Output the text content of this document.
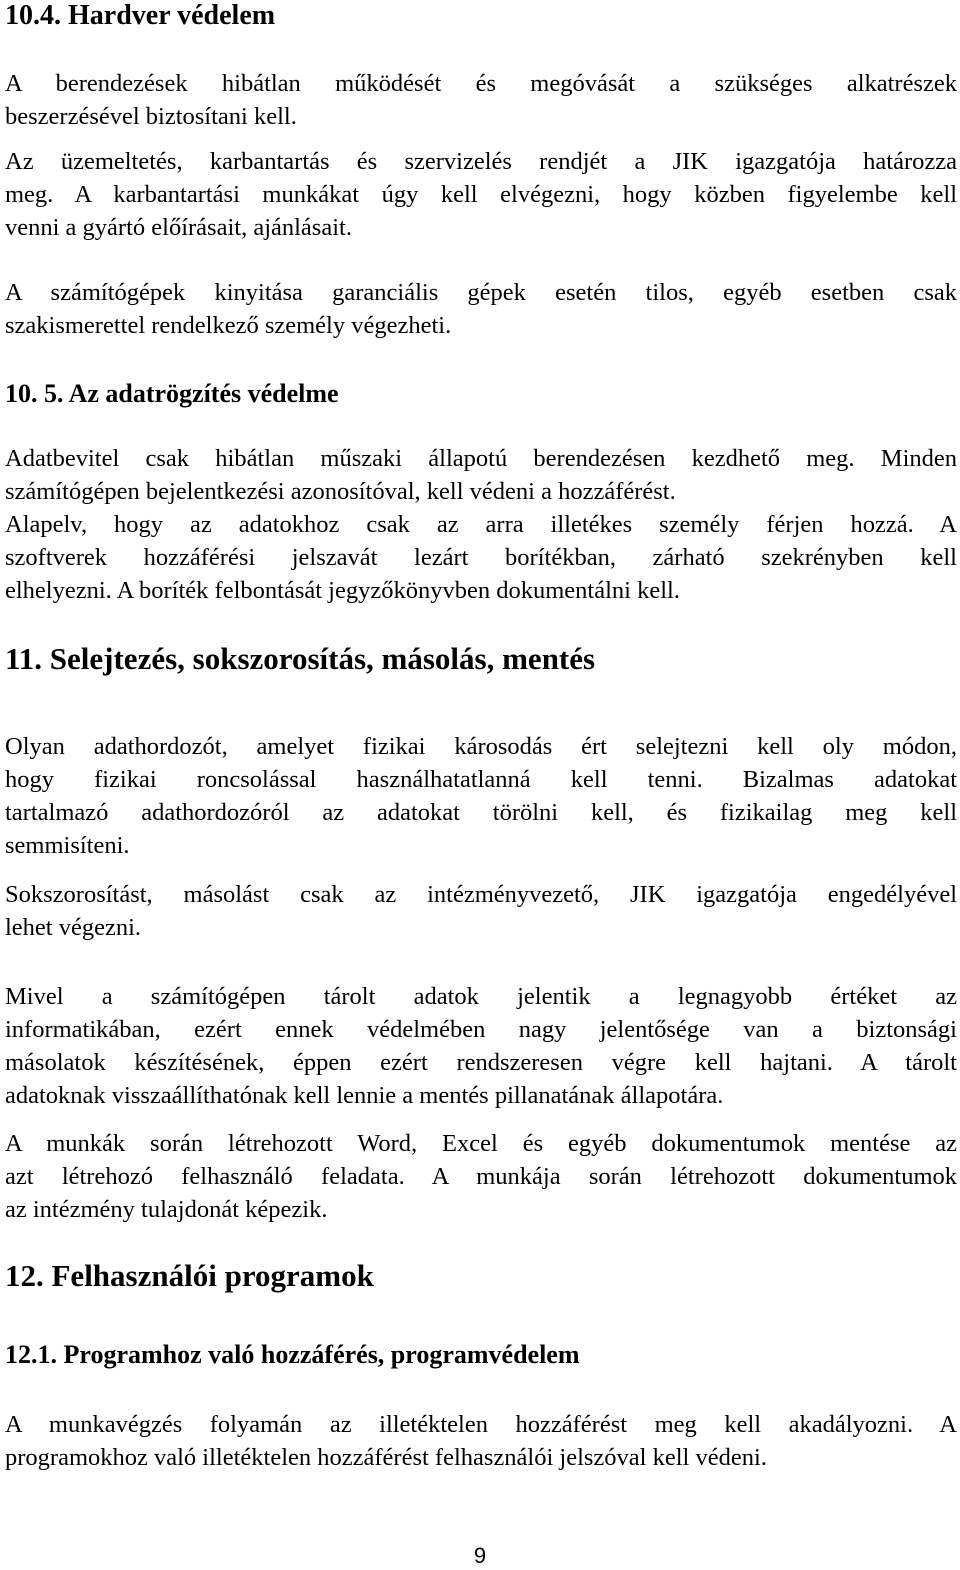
10.4. Hardver védelem
A berendezések hibátlan működését és megóvását a szükséges alkatrészek
beszerzésével biztosítani kell.
Az üzemeltetés, karbantartás és szervizelés rendjét a JIK igazgatója határozza
meg. A karbantartási munkákat úgy kell elvégezni, hogy közben figyelembe kell
venni a gyártó előírásait, ajánlásait.
A számítógépek kinyitása garanciális gépek esetén tilos, egyéb esetben csak
szakismerettel rendelkező személy végezheti.
10. 5. Az adatrögzítés védelme
Adatbevitel csak hibátlan műszaki állapotú berendezésen kezdhető meg. Minden
számítógépen bejelentkezési azonosítóval, kell védeni a hozzáférést.
Alapelv, hogy az adatokhoz csak az arra illetékes személy férjen hozzá. A
szoftverek hozzáférési jelszavát lezárt borítékban, zárható szekrényben kell
elhelyezni. A boríték felbontását jegyzőkönyvben dokumentálni kell.
11. Selejtezés, sokszorosítás, másolás, mentés
Olyan adathordozót, amelyet fizikai károsodás ért selejtezni kell oly módon,
hogy fizikai roncsolással használhatatlanná kell tenni. Bizalmas adatokat
tartalmazó adathordozóról az adatokat törölni kell, és fizikailag meg kell
semmisíteni.
Sokszorosítást, másolást csak az intézményvezető, JIK igazgatója engedélyével
lehet végezni.
Mivel a számítógépen tárolt adatok jelentik a legnagyobb értéket az
informatikában, ezért ennek védelmében nagy jelentősége van a biztonsági
másolatok készítésének, éppen ezért rendszeresen végre kell hajtani. A tárolt
adatoknak visszaállíthatónak kell lennie a mentés pillanatának állapotára.
A munkák során létrehozott Word, Excel és egyéb dokumentumok mentése az
azt létrehozó felhasználó feladata. A munkája során létrehozott dokumentumok
az intézmény tulajdonát képezik.
12. Felhasználói programok
12.1. Programhoz való hozzáférés, programvédelem
A munkavégzés folyamán az illetéktelen hozzáférést meg kell akadályozni. A
programokhoz való illetéktelen hozzáférést felhasználói jelszóval kell védeni.
9
